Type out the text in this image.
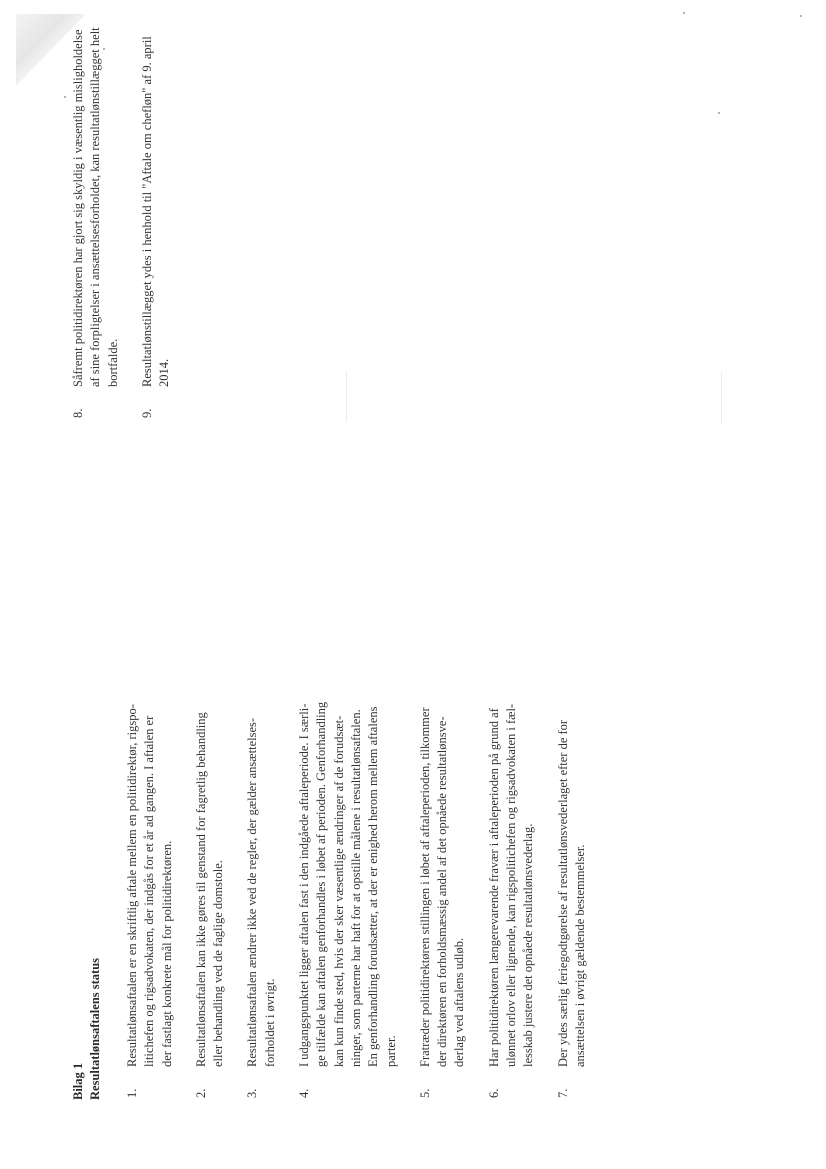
Bilag 1 Resultatlønsaftalens status 1.
Resultatlønsaftalen er en skriftlig aftale mellem en politidirektør, rigspo- litichefen og rigsadvokaten, der indgås for et år ad gangen. I aftalen er der fastlagt konkrete mål for politidirektøren.
2.
Resultatlønsaftalen kan ikke gøres til genstand for fagretlig behandling eller behandling ved de faglige domstole.
3.
Resultatlønsaftalen ændrer ikke ved de regler, der gælder ansættelses- forholdet i øvrigt.
4.
I udgangspunktet ligger aftalen fast i den indgåede aftaleperiode. I særli- ge tilfælde kan aftalen genforhandles i løbet af perioden. Genforhandling kan kun finde sted, hvis der sker væsentlige ændringer af de forudsæt- ninger, som parterne har haft for at opstille målene i resultatlønsaftalen. En genforhandling forudsætter, at der er enighed herom mellem aftalens parter.
5.
Fratræder politidirektøren stillingen i løbet af aftaleperioden, tilkommer der direktøren en forholdsmæssig andel af det opnåede resultatlønsve- derlag ved aftalens udløb.
6.
Har politidirektøren længerevarende fravær i aftaleperioden på grund af ulønnet orlov eller lignende, kan rigspolitichefen og rigsadvokaten i fæl- lesskab justere det opnåede resultatlønsvederlag.
7.
Der ydes særlig feriegodtgørelse af resultatlønsvederlaget efter de for ansættelsen i øvrigt gældende bestemmelser.
8.
Såfremt politidirektøren har gjort sig skyldig i væsentlig misligholdelse af sine forpligtelser i ansættelsesforholdet, kan resultatlønstillægget helt bortfalde.
9.
Resultatlønstillægget ydes i henhold til "Aftale om chefløn" af 9. april 2014.
